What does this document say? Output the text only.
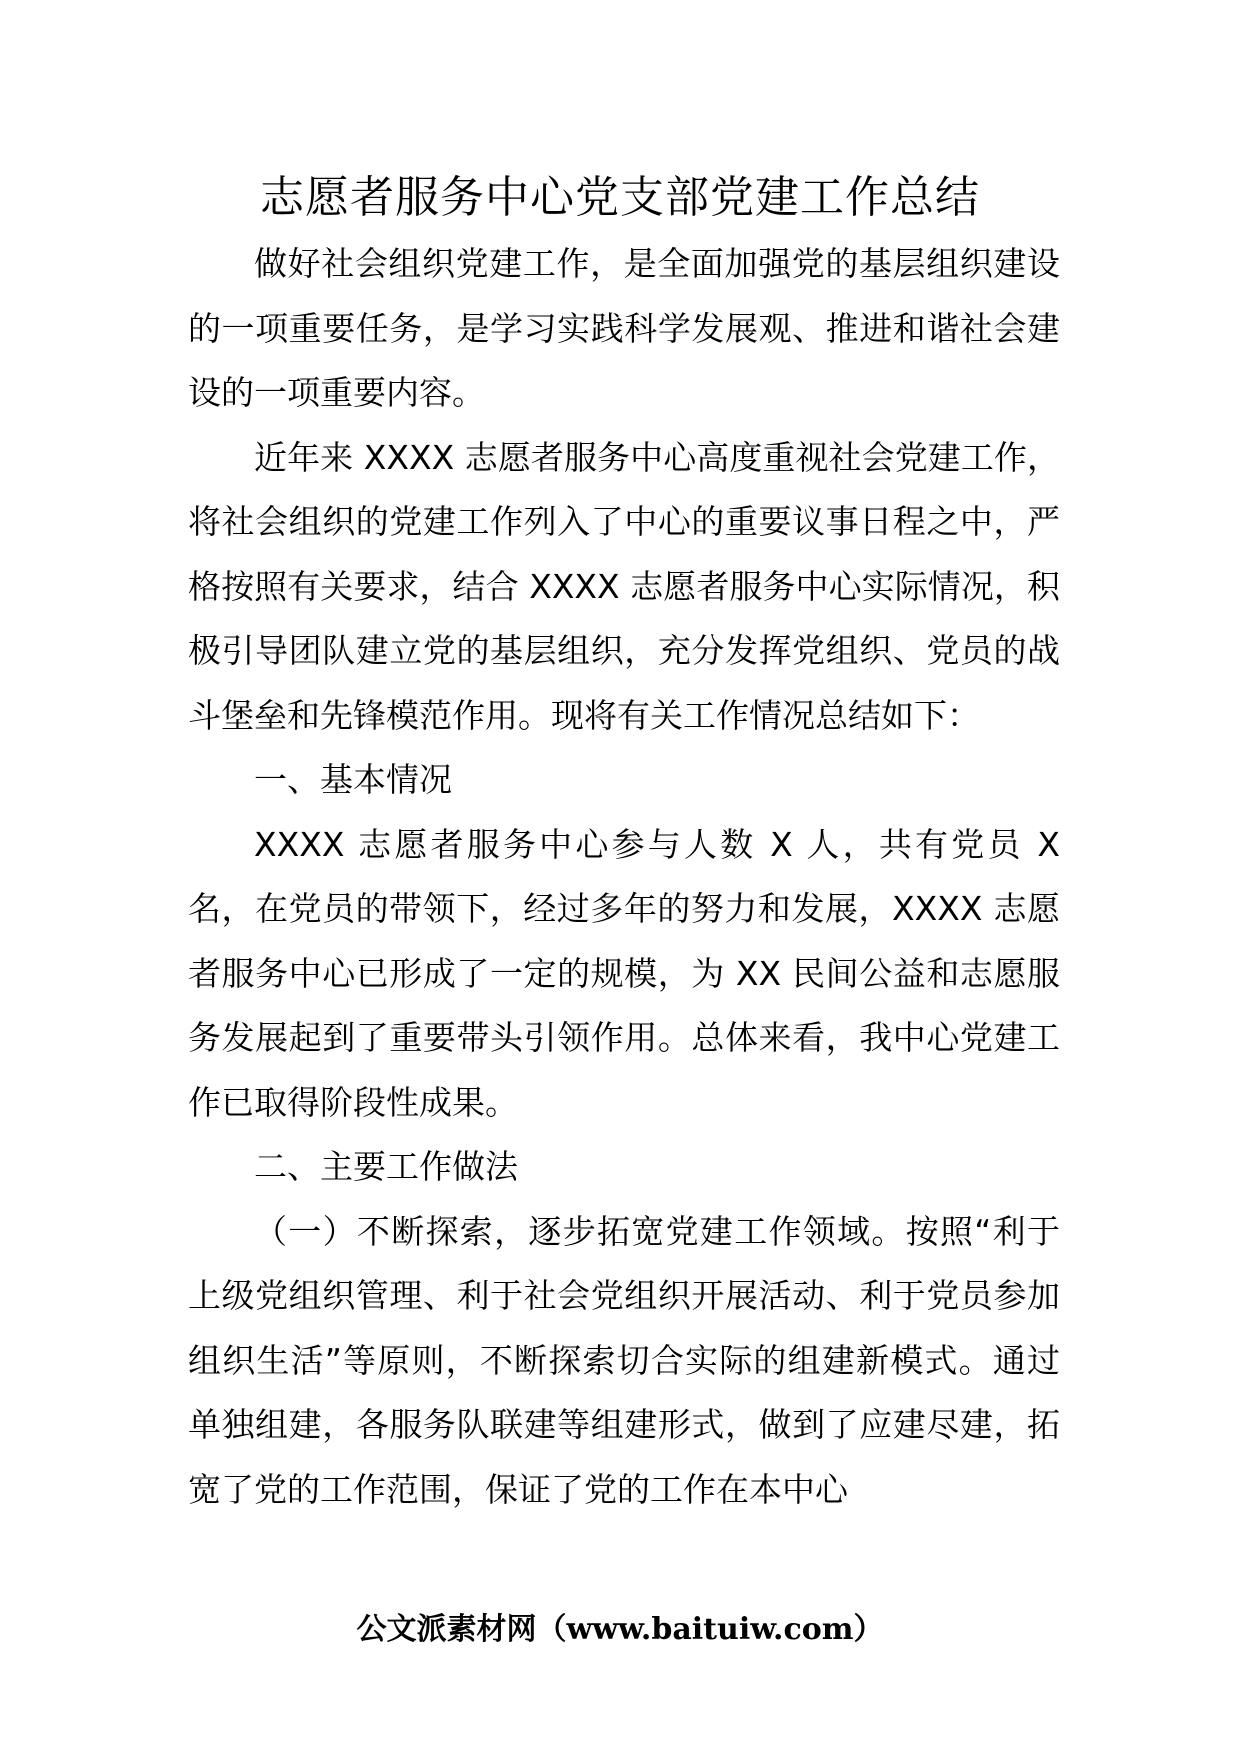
志愿者服务中心党支部党建工作总结

做好社会组织党建工作，是全面加强党的基层组织建设的一项重要任务，是学习实践科学发展观、推进和谐社会建设的一项重要内容。

近年来 XXXX 志愿者服务中心高度重视社会党建工作，将社会组织的党建工作列入了中心的重要议事日程之中，严格按照有关要求，结合 XXXX 志愿者服务中心实际情况，积极引导团队建立党的基层组织，充分发挥党组织、党员的战斗堡垒和先锋模范作用。现将有关工作情况总结如下：

一、基本情况

XXXX 志愿者服务中心参与人数 X 人，共有党员 X 名，在党员的带领下，经过多年的努力和发展，XXXX 志愿者服务中心已形成了一定的规模，为 XX 民间公益和志愿服务发展起到了重要带头引领作用。总体来看，我中心党建工作已取得阶段性成果。

二、主要工作做法

（一）不断探索，逐步拓宽党建工作领域。按照“利于上级党组织管理、利于社会党组织开展活动、利于党员参加组织生活”等原则，不断探索切合实际的组建新模式。通过单独组建，各服务队联建等组建形式，做到了应建尽建，拓宽了党的工作范围，保证了党的工作在本中心

公文派素材网（www.baituiw.com）
